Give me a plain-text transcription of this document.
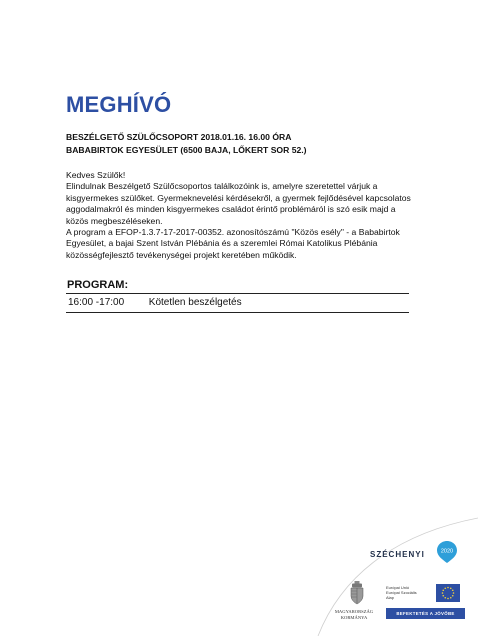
MEGHÍVÓ
BESZÉLGETŐ SZÜLŐCSOPORT 2018.01.16. 16.00 ÓRA
BABABIRTOK EGYESÜLET (6500 BAJA, LŐKERT SOR 52.)

Kedves Szülők!

Elindulnak Beszélgető Szülőcsoportos találkozóink is, amelyre szeretettel várjuk a kisgyermekes szülőket. Gyermeknevelési kérdésekről, a gyermek fejlődésével kapcsolatos aggodalmakról és minden kisgyermekes családot érintő problémáról is szó esik majd a közös megbeszéléseken.

A program a EFOP-1.3.7-17-2017-00352. azonosítószámú "Közös esély" - a Bababirtok Egyesület, a bajai Szent István Plébánia és a szeremlei Római Katolikus Plébánia közösségfejlesztő tevékenységei projekt keretében működik.

PROGRAM:
16:00 -17:00 Kötetlen beszélgetés
SZÉCHENYI	2020
MAGYARORSZÁG
KORMÁNYA
Európai Unió
Európai Szociális
Alap
BEFEKTETÉS A JÖVŐBE
